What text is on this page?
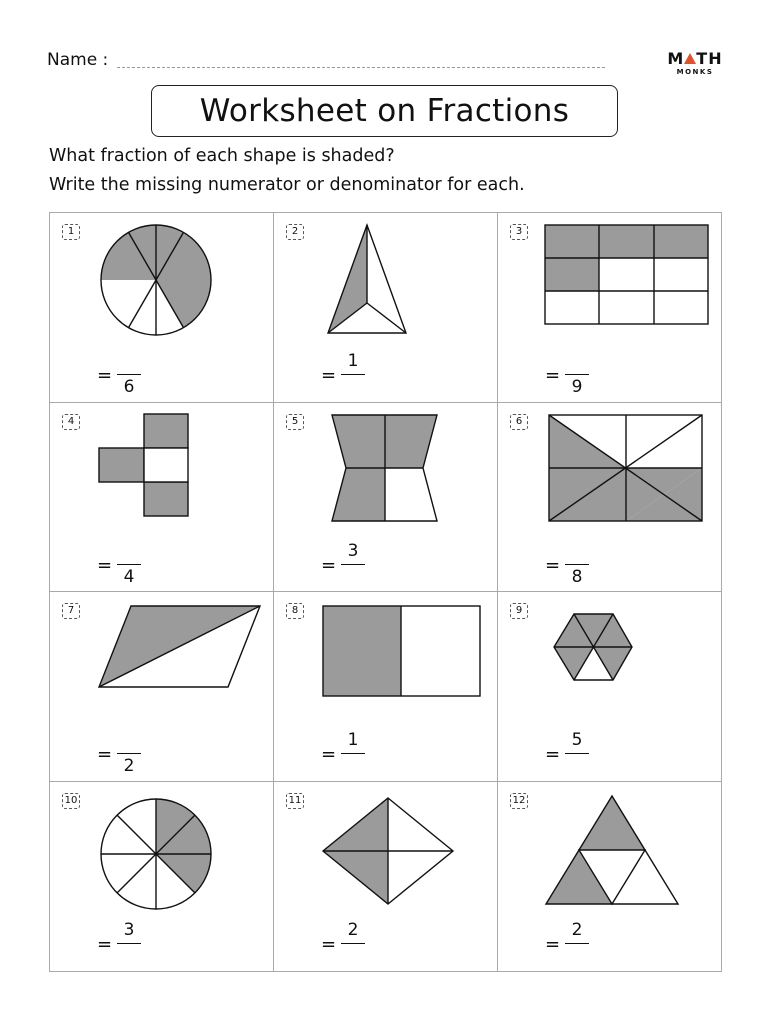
Name :	M TH
MONKS
Worksheet on Fractions
What fraction of each shape is shaded?
Write the missing numerator or denominator for each.
1
=
6
2
=
1
3
=
9
4
=
4
5
=
3
6
=
8
7
=
2
8
=
1
9
=
5
10
=
3
11
=
2
12
=
2
